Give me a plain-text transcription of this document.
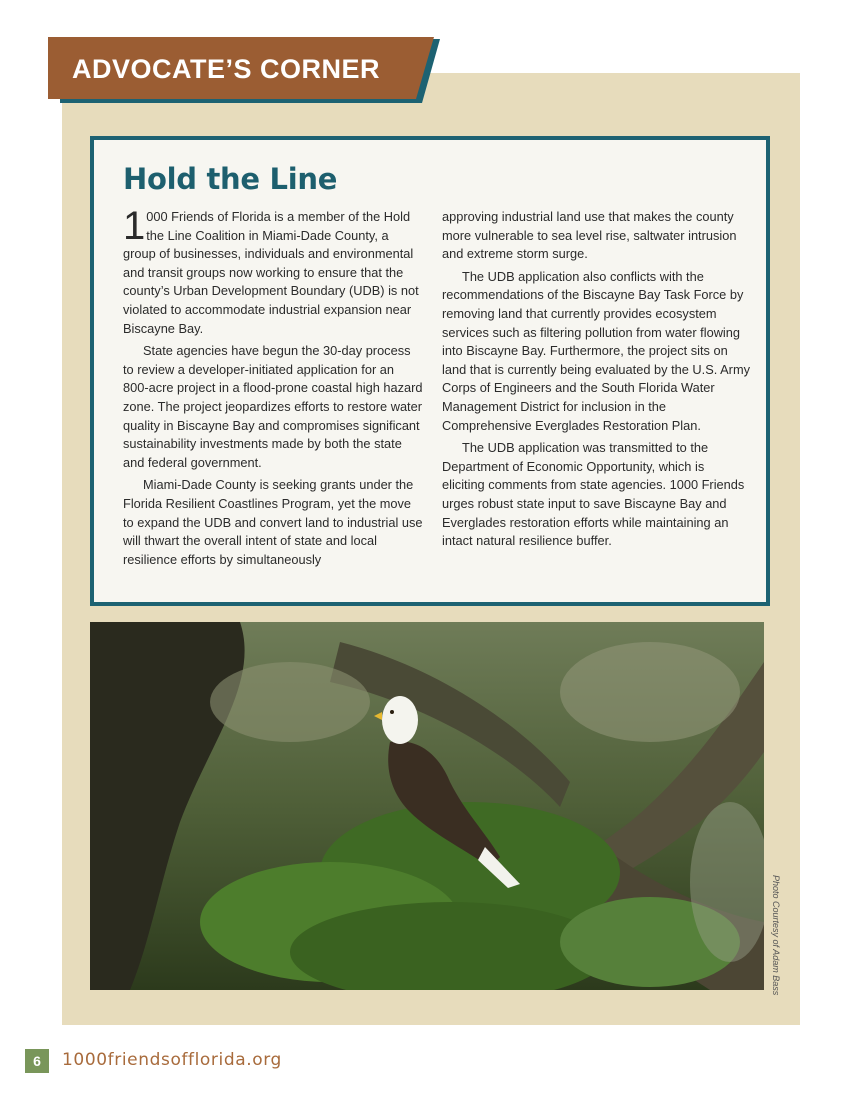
ADVOCATE’S CORNER
Hold the Line

1 000 Friends of Florida is a member of the Hold the Line Coalition in Miami-Dade County, a group of businesses, individuals and environmental and transit groups now working to ensure that the county’s Urban Development Boundary (UDB) is not violated to accommodate industrial expansion near Biscayne Bay.

State agencies have begun the 30-day process to review a developer-initiated application for an 800-acre project in a flood-prone coastal high hazard zone. The project jeopardizes efforts to restore water quality in Biscayne Bay and compromises significant sustainability investments made by both the state and federal government.

Miami-Dade County is seeking grants under the Florida Resilient Coastlines Program, yet the move to expand the UDB and convert land to industrial use will thwart the overall intent of state and local resilience efforts by simultaneously

approving industrial land use that makes the county more vulnerable to sea level rise, saltwater intrusion and extreme storm surge.

The UDB application also conflicts with the recommendations of the Biscayne Bay Task Force by removing land that currently provides ecosystem services such as filtering pollution from water flowing into Biscayne Bay. Furthermore, the project sits on land that is currently being evaluated by the U.S. Army Corps of Engineers and the South Florida Water Management District for inclusion in the Comprehensive Everglades Restoration Plan.

The UDB application was transmitted to the Department of Economic Opportunity, which is eliciting comments from state agencies. 1000 Friends urges robust state input to save Biscayne Bay and Everglades restoration efforts while maintaining an intact natural resilience buffer.

Photo Courtesy of Adam Bass
6	1000friendsofflorida.org
